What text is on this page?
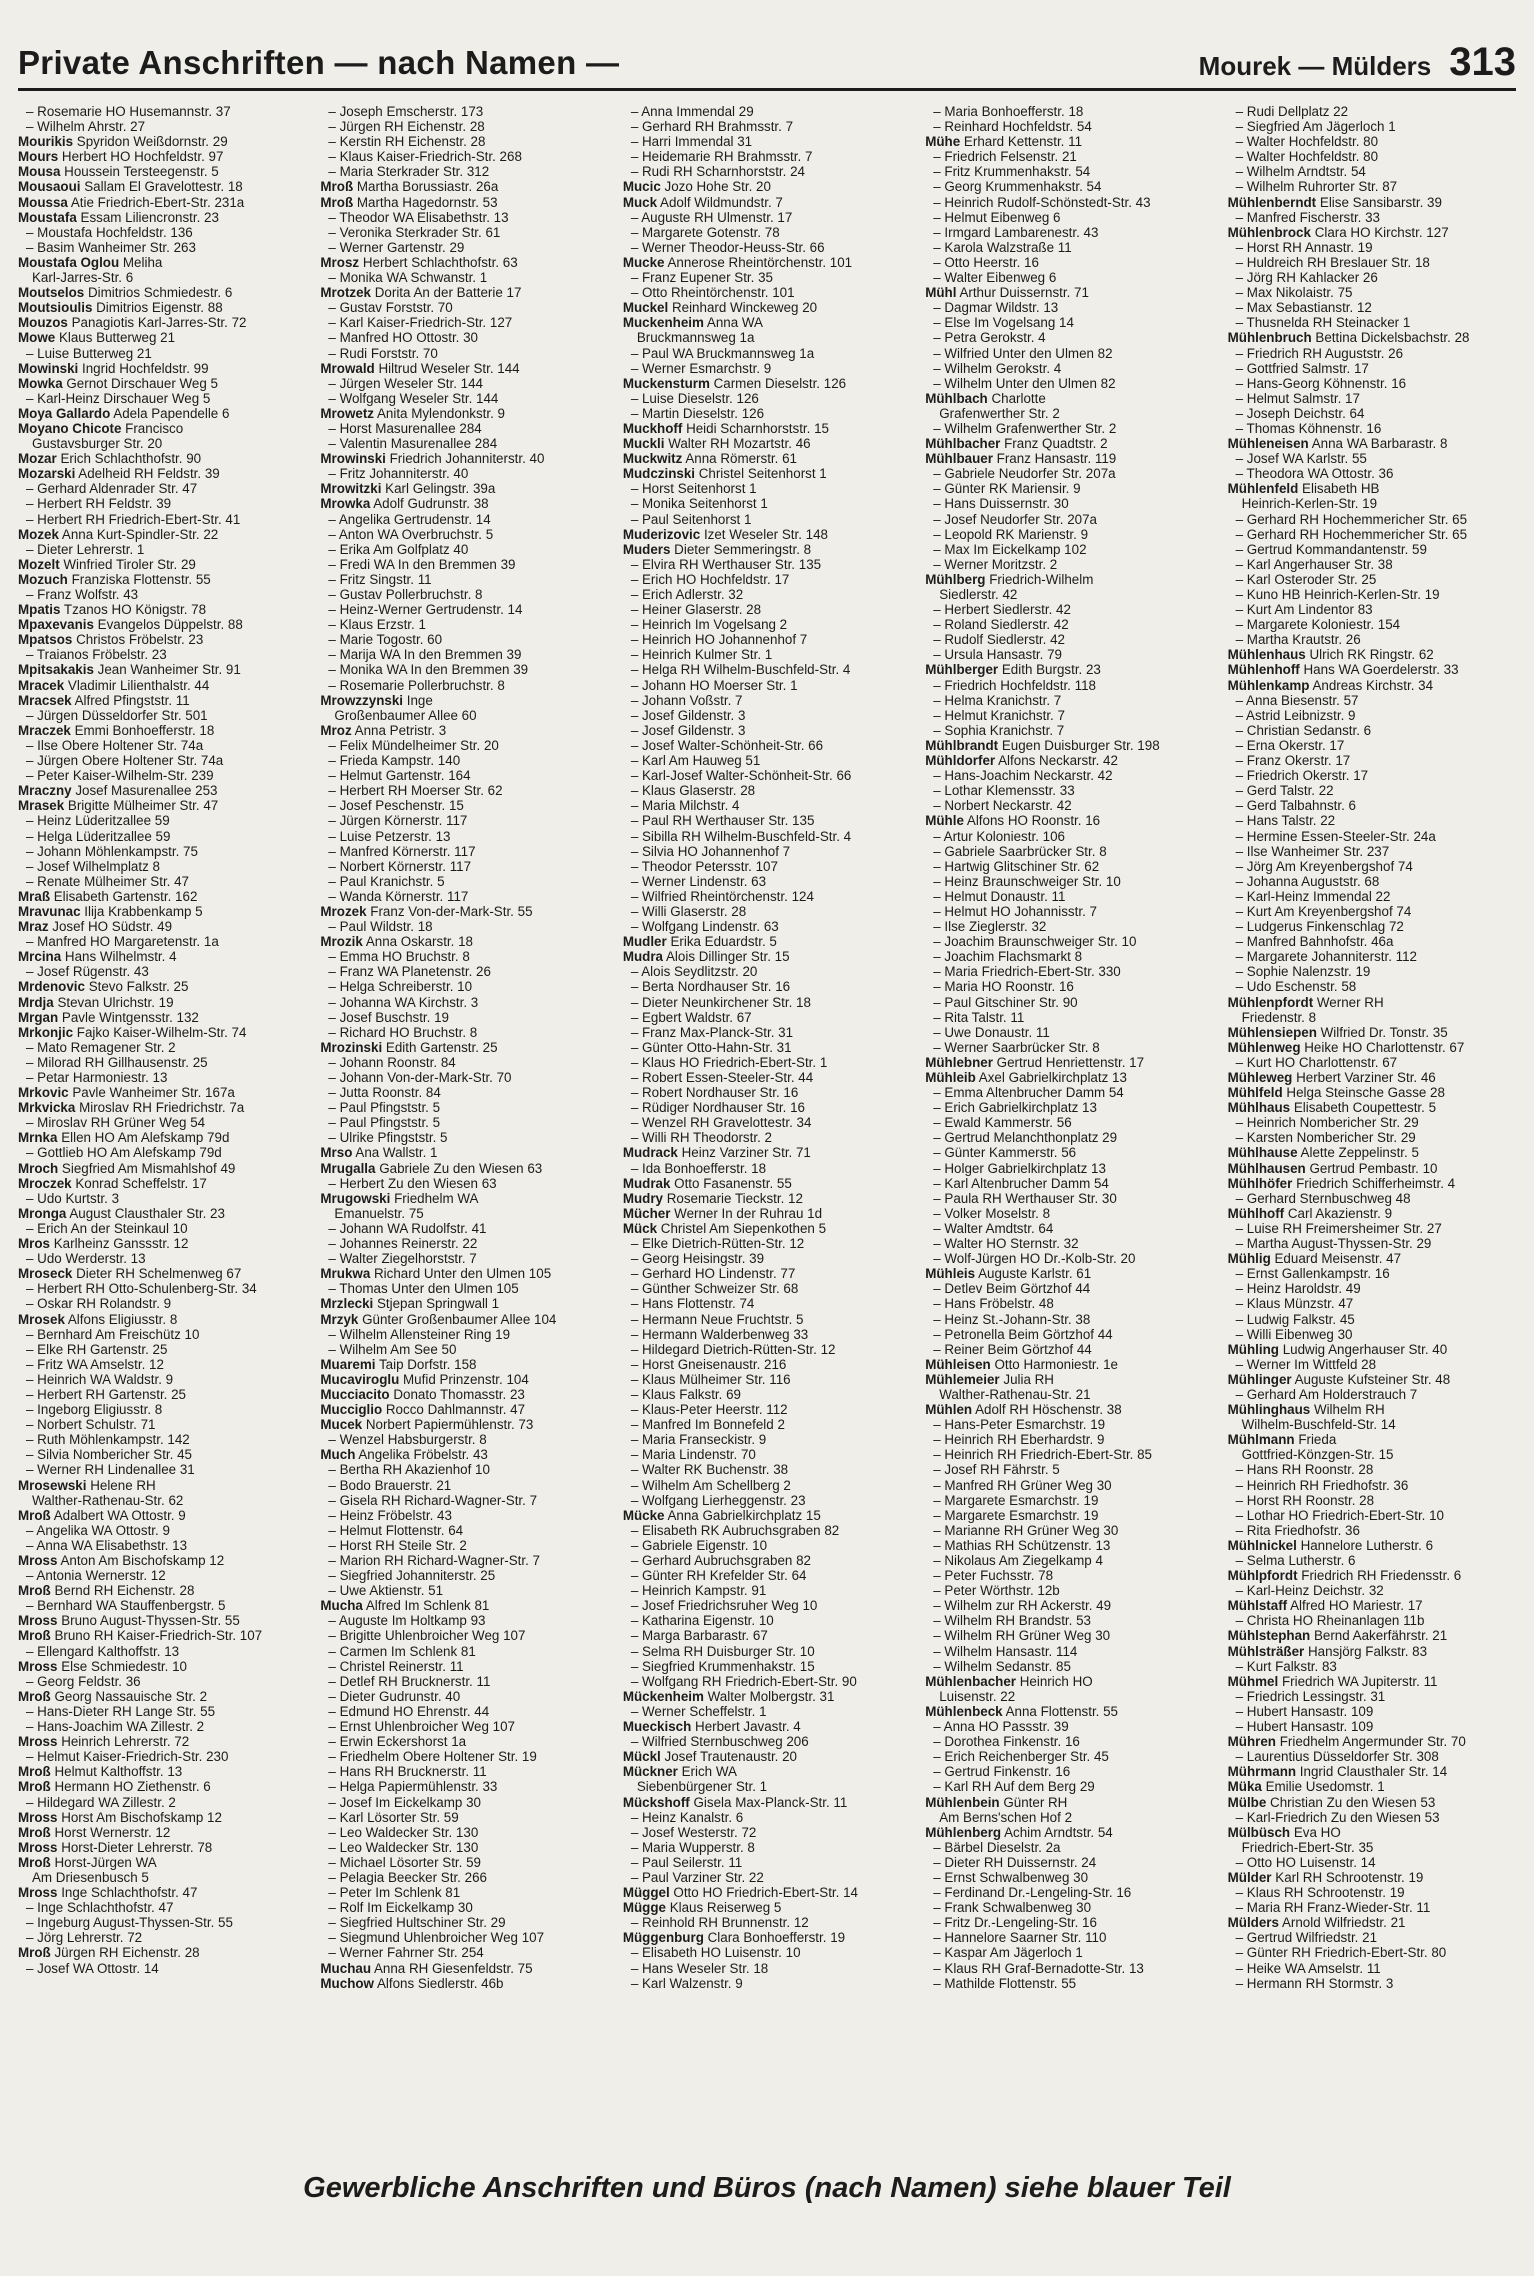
Private Anschriften — nach Namen —	Mourek — Mülders 313
– Rosemarie HO Husemannstr. 37
– Wilhelm Ahrstr. 27
Mourikis Spyridon Weißdornstr. 29
Mours Herbert HO Hochfeldstr. 97
Mousa Houssein Tersteegenstr. 5
Mousaoui Sallam El Gravelottestr. 18
Moussa Atie Friedrich-Ebert-Str. 231a
Moustafa Essam Liliencronstr. 23
– Moustafa Hochfeldstr. 136
– Basim Wanheimer Str. 263
Moustafa Oglou Meliha
Karl-Jarres-Str. 6
Moutselos Dimitrios Schmiedestr. 6
Moutsioulis Dimitrios Eigenstr. 88
Mouzos Panagiotis Karl-Jarres-Str. 72
Mowe Klaus Butterweg 21
– Luise Butterweg 21
Mowinski Ingrid Hochfeldstr. 99
Mowka Gernot Dirschauer Weg 5
– Karl-Heinz Dirschauer Weg 5
Moya Gallardo Adela Papendelle 6
Moyano Chicote Francisco
Gustavsburger Str. 20
Mozar Erich Schlachthofstr. 90
Mozarski Adelheid RH Feldstr. 39
– Gerhard Aldenrader Str. 47
– Herbert RH Feldstr. 39
– Herbert RH Friedrich-Ebert-Str. 41
Mozek Anna Kurt-Spindler-Str. 22
– Dieter Lehrerstr. 1
Mozelt Winfried Tiroler Str. 29
Mozuch Franziska Flottenstr. 55
– Franz Wolfstr. 43
Mpatis Tzanos HO Königstr. 78
Mpaxevanis Evangelos Düppelstr. 88
Mpatsos Christos Fröbelstr. 23
– Traianos Fröbelstr. 23
Mpitsakakis Jean Wanheimer Str. 91
Mracek Vladimir Lilienthalstr. 44
Mracsek Alfred Pfingststr. 11
– Jürgen Düsseldorfer Str. 501
Mraczek Emmi Bonhoefferstr. 18
– Ilse Obere Holtener Str. 74a
– Jürgen Obere Holtener Str. 74a
– Peter Kaiser-Wilhelm-Str. 239
Mraczny Josef Masurenallee 253
Mrasek Brigitte Mülheimer Str. 47
– Heinz Lüderitzallee 59
– Helga Lüderitzallee 59
– Johann Möhlenkampstr. 75
– Josef Wilhelmplatz 8
– Renate Mülheimer Str. 47
Mraß Elisabeth Gartenstr. 162
Mravunac Ilija Krabbenkamp 5
Mraz Josef HO Südstr. 49
– Manfred HO Margaretenstr. 1a
Mrcina Hans Wilhelmstr. 4
– Josef Rügenstr. 43
Mrdenovic Stevo Falkstr. 25
Mrdja Stevan Ulrichstr. 19
Mrgan Pavle Wintgensstr. 132
Mrkonjic Fajko Kaiser-Wilhelm-Str. 74
– Mato Remagener Str. 2
– Milorad RH Gillhausenstr. 25
– Petar Harmoniestr. 13
Mrkovic Pavle Wanheimer Str. 167a
Mrkvicka Miroslav RH Friedrichstr. 7a
– Miroslav RH Grüner Weg 54
Mrnka Ellen HO Am Alefskamp 79d
– Gottlieb HO Am Alefskamp 79d
Mroch Siegfried Am Mismahlshof 49
Mroczek Konrad Scheffelstr. 17
– Udo Kurtstr. 3
Mronga August Clausthaler Str. 23
– Erich An der Steinkaul 10
Mros Karlheinz Ganssstr. 12
– Udo Werderstr. 13
Mroseck Dieter RH Schelmenweg 67
– Herbert RH Otto-Schulenberg-Str. 34
– Oskar RH Rolandstr. 9
Mrosek Alfons Eligiusstr. 8
– Bernhard Am Freischütz 10
– Elke RH Gartenstr. 25
– Fritz WA Amselstr. 12
– Heinrich WA Waldstr. 9
– Herbert RH Gartenstr. 25
– Ingeborg Eligiusstr. 8
– Norbert Schulstr. 71
– Ruth Möhlenkampstr. 142
– Silvia Nombericher Str. 45
– Werner RH Lindenallee 31
Mrosewski Helene RH
Walther-Rathenau-Str. 62
Mroß Adalbert WA Ottostr. 9
– Angelika WA Ottostr. 9
– Anna WA Elisabethstr. 13
Mross Anton Am Bischofskamp 12
– Antonia Wernerstr. 12
Mroß Bernd RH Eichenstr. 28
– Bernhard WA Stauffenbergstr. 5
Mross Bruno August-Thyssen-Str. 55
Mroß Bruno RH Kaiser-Friedrich-Str. 107
– Ellengard Kalthoffstr. 13
Mross Else Schmiedestr. 10
– Georg Feldstr. 36
Mroß Georg Nassauische Str. 2
– Hans-Dieter RH Lange Str. 55
– Hans-Joachim WA Zillestr. 2
Mross Heinrich Lehrerstr. 72
– Helmut Kaiser-Friedrich-Str. 230
Mroß Helmut Kalthoffstr. 13
Mroß Hermann HO Ziethenstr. 6
– Hildegard WA Zillestr. 2
Mross Horst Am Bischofskamp 12
Mroß Horst Wernerstr. 12
Mross Horst-Dieter Lehrerstr. 78
Mroß Horst-Jürgen WA
Am Driesenbusch 5
Mross Inge Schlachthofstr. 47
– Inge Schlachthofstr. 47
– Ingeburg August-Thyssen-Str. 55
– Jörg Lehrerstr. 72
Mroß Jürgen RH Eichenstr. 28
– Josef WA Ottostr. 14
– Joseph Emscherstr. 173
– Jürgen RH Eichenstr. 28
– Kerstin RH Eichenstr. 28
– Klaus Kaiser-Friedrich-Str. 268
– Maria Sterkrader Str. 312
Mroß Martha Borussiastr. 26a
Mroß Martha Hagedornstr. 53
– Theodor WA Elisabethstr. 13
– Veronika Sterkrader Str. 61
– Werner Gartenstr. 29
Mrosz Herbert Schlachthofstr. 63
– Monika WA Schwanstr. 1
Mrotzek Dorita An der Batterie 17
– Gustav Forststr. 70
– Karl Kaiser-Friedrich-Str. 127
– Manfred HO Ottostr. 30
– Rudi Forststr. 70
Mrowald Hiltrud Weseler Str. 144
– Jürgen Weseler Str. 144
– Wolfgang Weseler Str. 144
Mrowetz Anita Mylendonkstr. 9
– Horst Masurenallee 284
– Valentin Masurenallee 284
Mrowinski Friedrich Johanniterstr. 40
– Fritz Johanniterstr. 40
Mrowitzki Karl Gelingstr. 39a
Mrowka Adolf Gudrunstr. 38
– Angelika Gertrudenstr. 14
– Anton WA Overbruchstr. 5
– Erika Am Golfplatz 40
– Fredi WA In den Bremmen 39
– Fritz Singstr. 11
– Gustav Pollerbruchstr. 8
– Heinz-Werner Gertrudenstr. 14
– Klaus Erzstr. 1
– Marie Togostr. 60
– Marija WA In den Bremmen 39
– Monika WA In den Bremmen 39
– Rosemarie Pollerbruchstr. 8
Mrowzzynski Inge
Großenbaumer Allee 60
Mroz Anna Petristr. 3
– Felix Mündelheimer Str. 20
– Frieda Kampstr. 140
– Helmut Gartenstr. 164
– Herbert RH Moerser Str. 62
– Josef Peschenstr. 15
– Jürgen Körnerstr. 117
– Luise Petzerstr. 13
– Manfred Körnerstr. 117
– Norbert Körnerstr. 117
– Paul Kranichstr. 5
– Wanda Körnerstr. 117
Mrozek Franz Von-der-Mark-Str. 55
– Paul Wildstr. 18
Mrozik Anna Oskarstr. 18
– Emma HO Bruchstr. 8
– Franz WA Planetenstr. 26
– Helga Schreiberstr. 10
– Johanna WA Kirchstr. 3
– Josef Buschstr. 19
– Richard HO Bruchstr. 8
Mrozinski Edith Gartenstr. 25
– Johann Roonstr. 84
– Johann Von-der-Mark-Str. 70
– Jutta Roonstr. 84
– Paul Pfingststr. 5
– Paul Pfingststr. 5
– Ulrike Pfingststr. 5
Mrso Ana Wallstr. 1
Mrugalla Gabriele Zu den Wiesen 63
– Herbert Zu den Wiesen 63
Mrugowski Friedhelm WA
Emanuelstr. 75
– Johann WA Rudolfstr. 41
– Johannes Reinerstr. 22
– Walter Ziegelhorststr. 7
Mrukwa Richard Unter den Ulmen 105
– Thomas Unter den Ulmen 105
Mrzlecki Stjepan Springwall 1
Mrzyk Günter Großenbaumer Allee 104
– Wilhelm Allensteiner Ring 19
– Wilhelm Am See 50
Muaremi Taip Dorfstr. 158
Mucavirоglu Mufid Prinzenstr. 104
Mucciacito Donato Thomasstr. 23
Mucciglio Rocco Dahlmannstr. 47
Mucek Norbert Papiermühlenstr. 73
– Wenzel Habsburgerstr. 8
Much Angelika Fröbelstr. 43
– Bertha RH Akazienhof 10
– Bodo Brauerstr. 21
– Gisela RH Richard-Wagner-Str. 7
– Heinz Fröbelstr. 43
– Helmut Flottenstr. 64
– Horst RH Steile Str. 2
– Marion RH Richard-Wagner-Str. 7
– Siegfried Johanniterstr. 25
– Uwe Aktienstr. 51
Mucha Alfred Im Schlenk 81
– Auguste Im Holtkamp 93
– Brigitte Uhlenbroicher Weg 107
– Carmen Im Schlenk 81
– Christel Reinerstr. 11
– Detlef RH Brucknerstr. 11
– Dieter Gudrunstr. 40
– Edmund HO Ehrenstr. 44
– Ernst Uhlenbroicher Weg 107
– Erwin Eckershorst 1a
– Friedhelm Obere Holtener Str. 19
– Hans RH Brucknerstr. 11
– Helga Papiermühlenstr. 33
– Josef Im Eickelkamp 30
– Karl Lösorter Str. 59
– Leo Waldecker Str. 130
– Leo Waldecker Str. 130
– Michael Lösorter Str. 59
– Pelagia Beecker Str. 266
– Peter Im Schlenk 81
– Rolf Im Eickelkamp 30
– Siegfried Hultschiner Str. 29
– Siegmund Uhlenbroicher Weg 107
– Werner Fahrner Str. 254
Muchau Anna RH Giesenfeldstr. 75
Muchow Alfons Siedlerstr. 46b
– Anna Immendal 29
– Gerhard RH Brahmsstr. 7
– Harri Immendal 31
– Heidemarie RH Brahmsstr. 7
– Rudi RH Scharnhorststr. 24
Mucic Jozo Hohe Str. 20
Muck Adolf Wildmundstr. 7
– Auguste RH Ulmenstr. 17
– Margarete Gotenstr. 78
– Werner Theodor-Heuss-Str. 66
Mucke Annerose Rheintörchenstr. 101
– Franz Eupener Str. 35
– Otto Rheintörchenstr. 101
Muckel Reinhard Winckeweg 20
Muckenheim Anna WA
Bruckmannsweg 1a
– Paul WA Bruckmannsweg 1a
– Werner Esmarchstr. 9
Muckensturm Carmen Dieselstr. 126
– Luise Dieselstr. 126
– Martin Dieselstr. 126
Muckhoff Heidi Scharnhorststr. 15
Muckli Walter RH Mozartstr. 46
Muckwitz Anna Römerstr. 61
Mudczinski Christel Seitenhorst 1
– Horst Seitenhorst 1
– Monika Seitenhorst 1
– Paul Seitenhorst 1
Muderizovic Izet Weseler Str. 148
Muders Dieter Semmeringstr. 8
– Elvira RH Werthauser Str. 135
– Erich HO Hochfeldstr. 17
– Erich Adlerstr. 32
– Heiner Glaserstr. 28
– Heinrich Im Vogelsang 2
– Heinrich HO Johannenhof 7
– Heinrich Kulmer Str. 1
– Helga RH Wilhelm-Buschfeld-Str. 4
– Johann HO Moerser Str. 1
– Johann Voßstr. 7
– Josef Gildenstr. 3
– Josef Gildenstr. 3
– Josef Walter-Schönheit-Str. 66
– Karl Am Hauweg 51
– Karl-Josef Walter-Schönheit-Str. 66
– Klaus Glaserstr. 28
– Maria Milchstr. 4
– Paul RH Werthauser Str. 135
– Sibilla RH Wilhelm-Buschfeld-Str. 4
– Silvia HO Johannenhof 7
– Theodor Petersstr. 107
– Werner Lindenstr. 63
– Wilfried Rheintörchenstr. 124
– Willi Glaserstr. 28
– Wolfgang Lindenstr. 63
Mudler Erika Eduardstr. 5
Mudra Alois Dillinger Str. 15
– Alois Seydlitzstr. 20
– Berta Nordhauser Str. 16
– Dieter Neunkirchener Str. 18
– Egbert Waldstr. 67
– Franz Max-Planck-Str. 31
– Günter Otto-Hahn-Str. 31
– Klaus HO Friedrich-Ebert-Str. 1
– Robert Essen-Steeler-Str. 44
– Robert Nordhauser Str. 16
– Rüdiger Nordhauser Str. 16
– Wenzel RH Gravelottestr. 34
– Willi RH Theodorstr. 2
Mudrack Heinz Varziner Str. 71
– Ida Bonhoefferstr. 18
Mudrak Otto Fasanenstr. 55
Mudry Rosemarie Tieckstr. 12
Mücher Werner In der Ruhrau 1d
Mück Christel Am Siepenkothen 5
– Elke Dietrich-Rütten-Str. 12
– Georg Heisingstr. 39
– Gerhard HO Lindenstr. 77
– Günther Schweizer Str. 68
– Hans Flottenstr. 74
– Hermann Neue Fruchtstr. 5
– Hermann Walderbenweg 33
– Hildegard Dietrich-Rütten-Str. 12
– Horst Gneisenaustr. 216
– Klaus Mülheimer Str. 116
– Klaus Falkstr. 69
– Klaus-Peter Heerstr. 112
– Manfred Im Bonnefeld 2
– Maria Franseckistr. 9
– Maria Lindenstr. 70
– Walter RK Buchenstr. 38
– Wilhelm Am Schellberg 2
– Wolfgang Lierheggenstr. 23
Mücke Anna Gabrielkirchplatz 15
– Elisabeth RK Aubruchsgraben 82
– Gabriele Eigenstr. 10
– Gerhard Aubruchsgraben 82
– Günter RH Krefelder Str. 64
– Heinrich Kampstr. 91
– Josef Friedrichsruher Weg 10
– Katharina Eigenstr. 10
– Marga Barbarastr. 67
– Selma RH Duisburger Str. 10
– Siegfried Krummenhakstr. 15
– Wolfgang RH Friedrich-Ebert-Str. 90
Mückenheim Walter Molbergstr. 31
– Werner Scheffelstr. 1
Mueckisch Herbert Javastr. 4
– Wilfried Sternbuschweg 206
Mückl Josef Trautenaustr. 20
Mückner Erich WA
Siebenbürgener Str. 1
Mückshoff Gisela Max-Planck-Str. 11
– Heinz Kanalstr. 6
– Josef Westerstr. 72
– Maria Wupperstr. 8
– Paul Seilerstr. 11
– Paul Varziner Str. 22
Müggel Otto HO Friedrich-Ebert-Str. 14
Müggе Klaus Reiserweg 5
– Reinhold RH Brunnenstr. 12
Müggenburg Clara Bonhoefferstr. 19
– Elisabeth HO Luisenstr. 10
– Hans Weseler Str. 18
– Karl Walzenstr. 9
– Maria Bonhoefferstr. 18
– Reinhard Hochfeldstr. 54
Mühe Erhard Kettenstr. 11
– Friedrich Felsenstr. 21
– Fritz Krummenhakstr. 54
– Georg Krummenhakstr. 54
– Heinrich Rudolf-Schönstedt-Str. 43
– Helmut Eibenweg 6
– Irmgard Lambarenestr. 43
– Karola Walzstraße 11
– Otto Heerstr. 16
– Walter Eibenweg 6
Mühl Arthur Duissernstr. 71
– Dagmar Wildstr. 13
– Else Im Vogelsang 14
– Petra Gerokstr. 4
– Wilfried Unter den Ulmen 82
– Wilhelm Gerokstr. 4
– Wilhelm Unter den Ulmen 82
Mühlbach Charlotte
Grafenwerther Str. 2
– Wilhelm Grafenwerther Str. 2
Mühlbacher Franz Quadtstr. 2
Mühlbauer Franz Hansastr. 119
– Gabriele Neudorfer Str. 207a
– Günter RK Mariensir. 9
– Hans Duissernstr. 30
– Josef Neudorfer Str. 207a
– Leopold RK Marienstr. 9
– Max Im Eickelkamp 102
– Werner Moritzstr. 2
Mühlberg Friedrich-Wilhelm
Siedlerstr. 42
– Herbert Siedlerstr. 42
– Roland Siedlerstr. 42
– Rudolf Siedlerstr. 42
– Ursula Hansastr. 79
Mühlberger Edith Burgstr. 23
– Friedrich Hochfeldstr. 118
– Helma Kranichstr. 7
– Helmut Kranichstr. 7
– Sophia Kranichstr. 7
Mühlbrandt Eugen Duisburger Str. 198
Mühldorfer Alfons Neckarstr. 42
– Hans-Joachim Neckarstr. 42
– Lothar Klemensstr. 33
– Norbert Neckarstr. 42
Mühle Alfons HO Roonstr. 16
– Artur Koloniestr. 106
– Gabriele Saarbrücker Str. 8
– Hartwig Glitschiner Str. 62
– Heinz Braunschweiger Str. 10
– Helmut Donaustr. 11
– Helmut HO Johannisstr. 7
– Ilse Zieglerstr. 32
– Joachim Braunschweiger Str. 10
– Joachim Flachsmarkt 8
– Maria Friedrich-Ebert-Str. 330
– Maria HO Roonstr. 16
– Paul Gitschiner Str. 90
– Rita Talstr. 11
– Uwe Donaustr. 11
– Werner Saarbrücker Str. 8
Mühlebner Gertrud Henriettenstr. 17
Mühleib Axel Gabrielkirchplatz 13
– Emma Altenbrucher Damm 54
– Erich Gabrielkirchplatz 13
– Ewald Kammerstr. 56
– Gertrud Melanchthonplatz 29
– Günter Kammerstr. 56
– Holger Gabrielkirchplatz 13
– Karl Altenbrucher Damm 54
– Paula RH Werthauser Str. 30
– Volker Moselstr. 8
– Walter Amdtstr. 64
– Walter HO Sternstr. 32
– Wolf-Jürgen HO Dr.-Kolb-Str. 20
Mühleis Auguste Karlstr. 61
– Detlev Beim Görtzhof 44
– Hans Fröbelstr. 48
– Heinz St.-Johann-Str. 38
– Petronella Beim Görtzhof 44
– Reiner Beim Görtzhof 44
Mühleisen Otto Harmoniestr. 1e
Mühlemeier Julia RH
Walther-Rathenau-Str. 21
Mühlen Adolf RH Höschenstr. 38
– Hans-Peter Esmarchstr. 19
– Heinrich RH Eberhardstr. 9
– Heinrich RH Friedrich-Ebert-Str. 85
– Josef RH Fährstr. 5
– Manfred RH Grüner Weg 30
– Margarete Esmarchstr. 19
– Margarete Esmarchstr. 19
– Marianne RH Grüner Weg 30
– Mathias RH Schützenstr. 13
– Nikolaus Am Ziegelkamp 4
– Peter Fuchsstr. 78
– Peter Wörthstr. 12b
– Wilhelm zur RH Ackerstr. 49
– Wilhelm RH Brandstr. 53
– Wilhelm RH Grüner Weg 30
– Wilhelm Hansastr. 114
– Wilhelm Sedanstr. 85
Mühlenbacher Heinrich HO
Luisenstr. 22
Mühlenbeck Anna Flottenstr. 55
– Anna HO Passstr. 39
– Dorothea Finkenstr. 16
– Erich Reichenberger Str. 45
– Gertrud Finkenstr. 16
– Karl RH Auf dem Berg 29
Mühlenbein Günter RH
Am Berns'schen Hof 2
Mühlenberg Achim Arndtstr. 54
– Bärbel Dieselstr. 2a
– Dieter RH Duissernstr. 24
– Ernst Schwalbenweg 30
– Ferdinand Dr.-Lengeling-Str. 16
– Frank Schwalbenweg 30
– Fritz Dr.-Lengeling-Str. 16
– Hannelore Saarner Str. 110
– Kaspar Am Jägerloch 1
– Klaus RH Graf-Bernadotte-Str. 13
– Mathilde Flottenstr. 55
– Rudi Dellplatz 22
– Siegfried Am Jägerloch 1
– Walter Hochfeldstr. 80
– Walter Hochfeldstr. 80
– Wilhelm Arndtstr. 54
– Wilhelm Ruhrorter Str. 87
Mühlenberndt Elise Sansibarstr. 39
– Manfred Fischerstr. 33
Mühlenbrock Clara HO Kirchstr. 127
– Horst RH Annastr. 19
– Huldreich RH Breslauer Str. 18
– Jörg RH Kahlacker 26
– Max Nikolaistr. 75
– Max Sebastianstr. 12
– Thusnelda RH Steinacker 1
Mühlenbruch Bettina Dickelsbachstr. 28
– Friedrich RH Auguststr. 26
– Gottfried Salmstr. 17
– Hans-Georg Köhnenstr. 16
– Helmut Salmstr. 17
– Joseph Deichstr. 64
– Thomas Köhnenstr. 16
Mühleneisen Anna WA Barbarastr. 8
– Josef WA Karlstr. 55
– Theodora WA Ottostr. 36
Mühlenfeld Elisabeth HB
Heinrich-Kerlen-Str. 19
– Gerhard RH Hochemmericher Str. 65
– Gerhard RH Hochemmericher Str. 65
– Gertrud Kommandantenstr. 59
– Karl Angerhauser Str. 38
– Karl Osteroder Str. 25
– Kuno HB Heinrich-Kerlen-Str. 19
– Kurt Am Lindentor 83
– Margarete Koloniestr. 154
– Martha Krautstr. 26
Mühlenhaus Ulrich RK Ringstr. 62
Mühlenhoff Hans WA Goerdelerstr. 33
Mühlenkamp Andreas Kirchstr. 34
– Anna Biesenstr. 57
– Astrid Leibnizstr. 9
– Christian Sedanstr. 6
– Erna Okerstr. 17
– Franz Okerstr. 17
– Friedrich Okerstr. 17
– Gerd Talstr. 22
– Gerd Talbahnstr. 6
– Hans Talstr. 22
– Hermine Essen-Steeler-Str. 24a
– Ilse Wanheimer Str. 237
– Jörg Am Kreyenbergshof 74
– Johanna Auguststr. 68
– Karl-Heinz Immendal 22
– Kurt Am Kreyenbergshof 74
– Ludgerus Finkenschlag 72
– Manfred Bahnhofstr. 46a
– Margarete Johanniterstr. 112
– Sophie Nalenzstr. 19
– Udo Eschenstr. 58
Mühlenpfordt Werner RH
Friedenstr. 8
Mühlensiepen Wilfried Dr. Tonstr. 35
Mühlenweg Heike HO Charlottenstr. 67
– Kurt HO Charlottenstr. 67
Mühleweg Herbert Varziner Str. 46
Mühlfeld Helga Steinsche Gasse 28
Mühlhaus Elisabeth Coupettestr. 5
– Heinrich Nombericher Str. 29
– Karsten Nombericher Str. 29
Mühlhause Alette Zeppelinstr. 5
Mühlhausen Gertrud Pembastr. 10
Mühlhöfer Friedrich Schifferheimstr. 4
– Gerhard Sternbuschweg 48
Mühlhoff Carl Akazienstr. 9
– Luise RH Freimersheimer Str. 27
– Martha August-Thyssen-Str. 29
Mühlig Eduard Meisenstr. 47
– Ernst Gallenkampstr. 16
– Heinz Haroldstr. 49
– Klaus Münzstr. 47
– Ludwig Falkstr. 45
– Willi Eibenweg 30
Mühling Ludwig Angerhauser Str. 40
– Werner Im Wittfeld 28
Mühlinger Auguste Kufsteiner Str. 48
– Gerhard Am Holderstrauch 7
Mühlinghaus Wilhelm RH
Wilhelm-Buschfeld-Str. 14
Mühlmann Frieda
Gottfried-Könzgen-Str. 15
– Hans RH Roonstr. 28
– Heinrich RH Friedhofstr. 36
– Horst RH Roonstr. 28
– Lothar HO Friedrich-Ebert-Str. 10
– Rita Friedhofstr. 36
Mühlnickel Hannelore Lutherstr. 6
– Selma Lutherstr. 6
Mühlpfordt Friedrich RH Friedensstr. 6
– Karl-Heinz Deichstr. 32
Mühlstaff Alfred HO Mariestr. 17
– Christa HO Rheinanlagen 11b
Mühlstephan Bernd Aakerfährstr. 21
Mühlsträßer Hansjörg Falkstr. 83
– Kurt Falkstr. 83
Mühmel Friedrich WA Jupiterstr. 11
– Friedrich Lessingstr. 31
– Hubert Hansastr. 109
– Hubert Hansastr. 109
Mühren Friedhelm Angermunder Str. 70
– Laurentius Düsseldorfer Str. 308
Mührmann Ingrid Clausthaler Str. 14
Müka Emilie Usedomstr. 1
Mülbe Christian Zu den Wiesen 53
– Karl-Friedrich Zu den Wiesen 53
Mülbüsch Eva HO
Friedrich-Ebert-Str. 35
– Otto HO Luisenstr. 14
Mülder Karl RH Schrootenstr. 19
– Klaus RH Schrootenstr. 19
– Maria RH Franz-Wieder-Str. 11
Mülders Arnold Wilfriedstr. 21
– Gertrud Wilfriedstr. 21
– Günter RH Friedrich-Ebert-Str. 80
– Heike WA Amselstr. 11
– Hermann RH Stormstr. 3
Gewerbliche Anschriften und Büros (nach Namen) siehe blauer Teil
